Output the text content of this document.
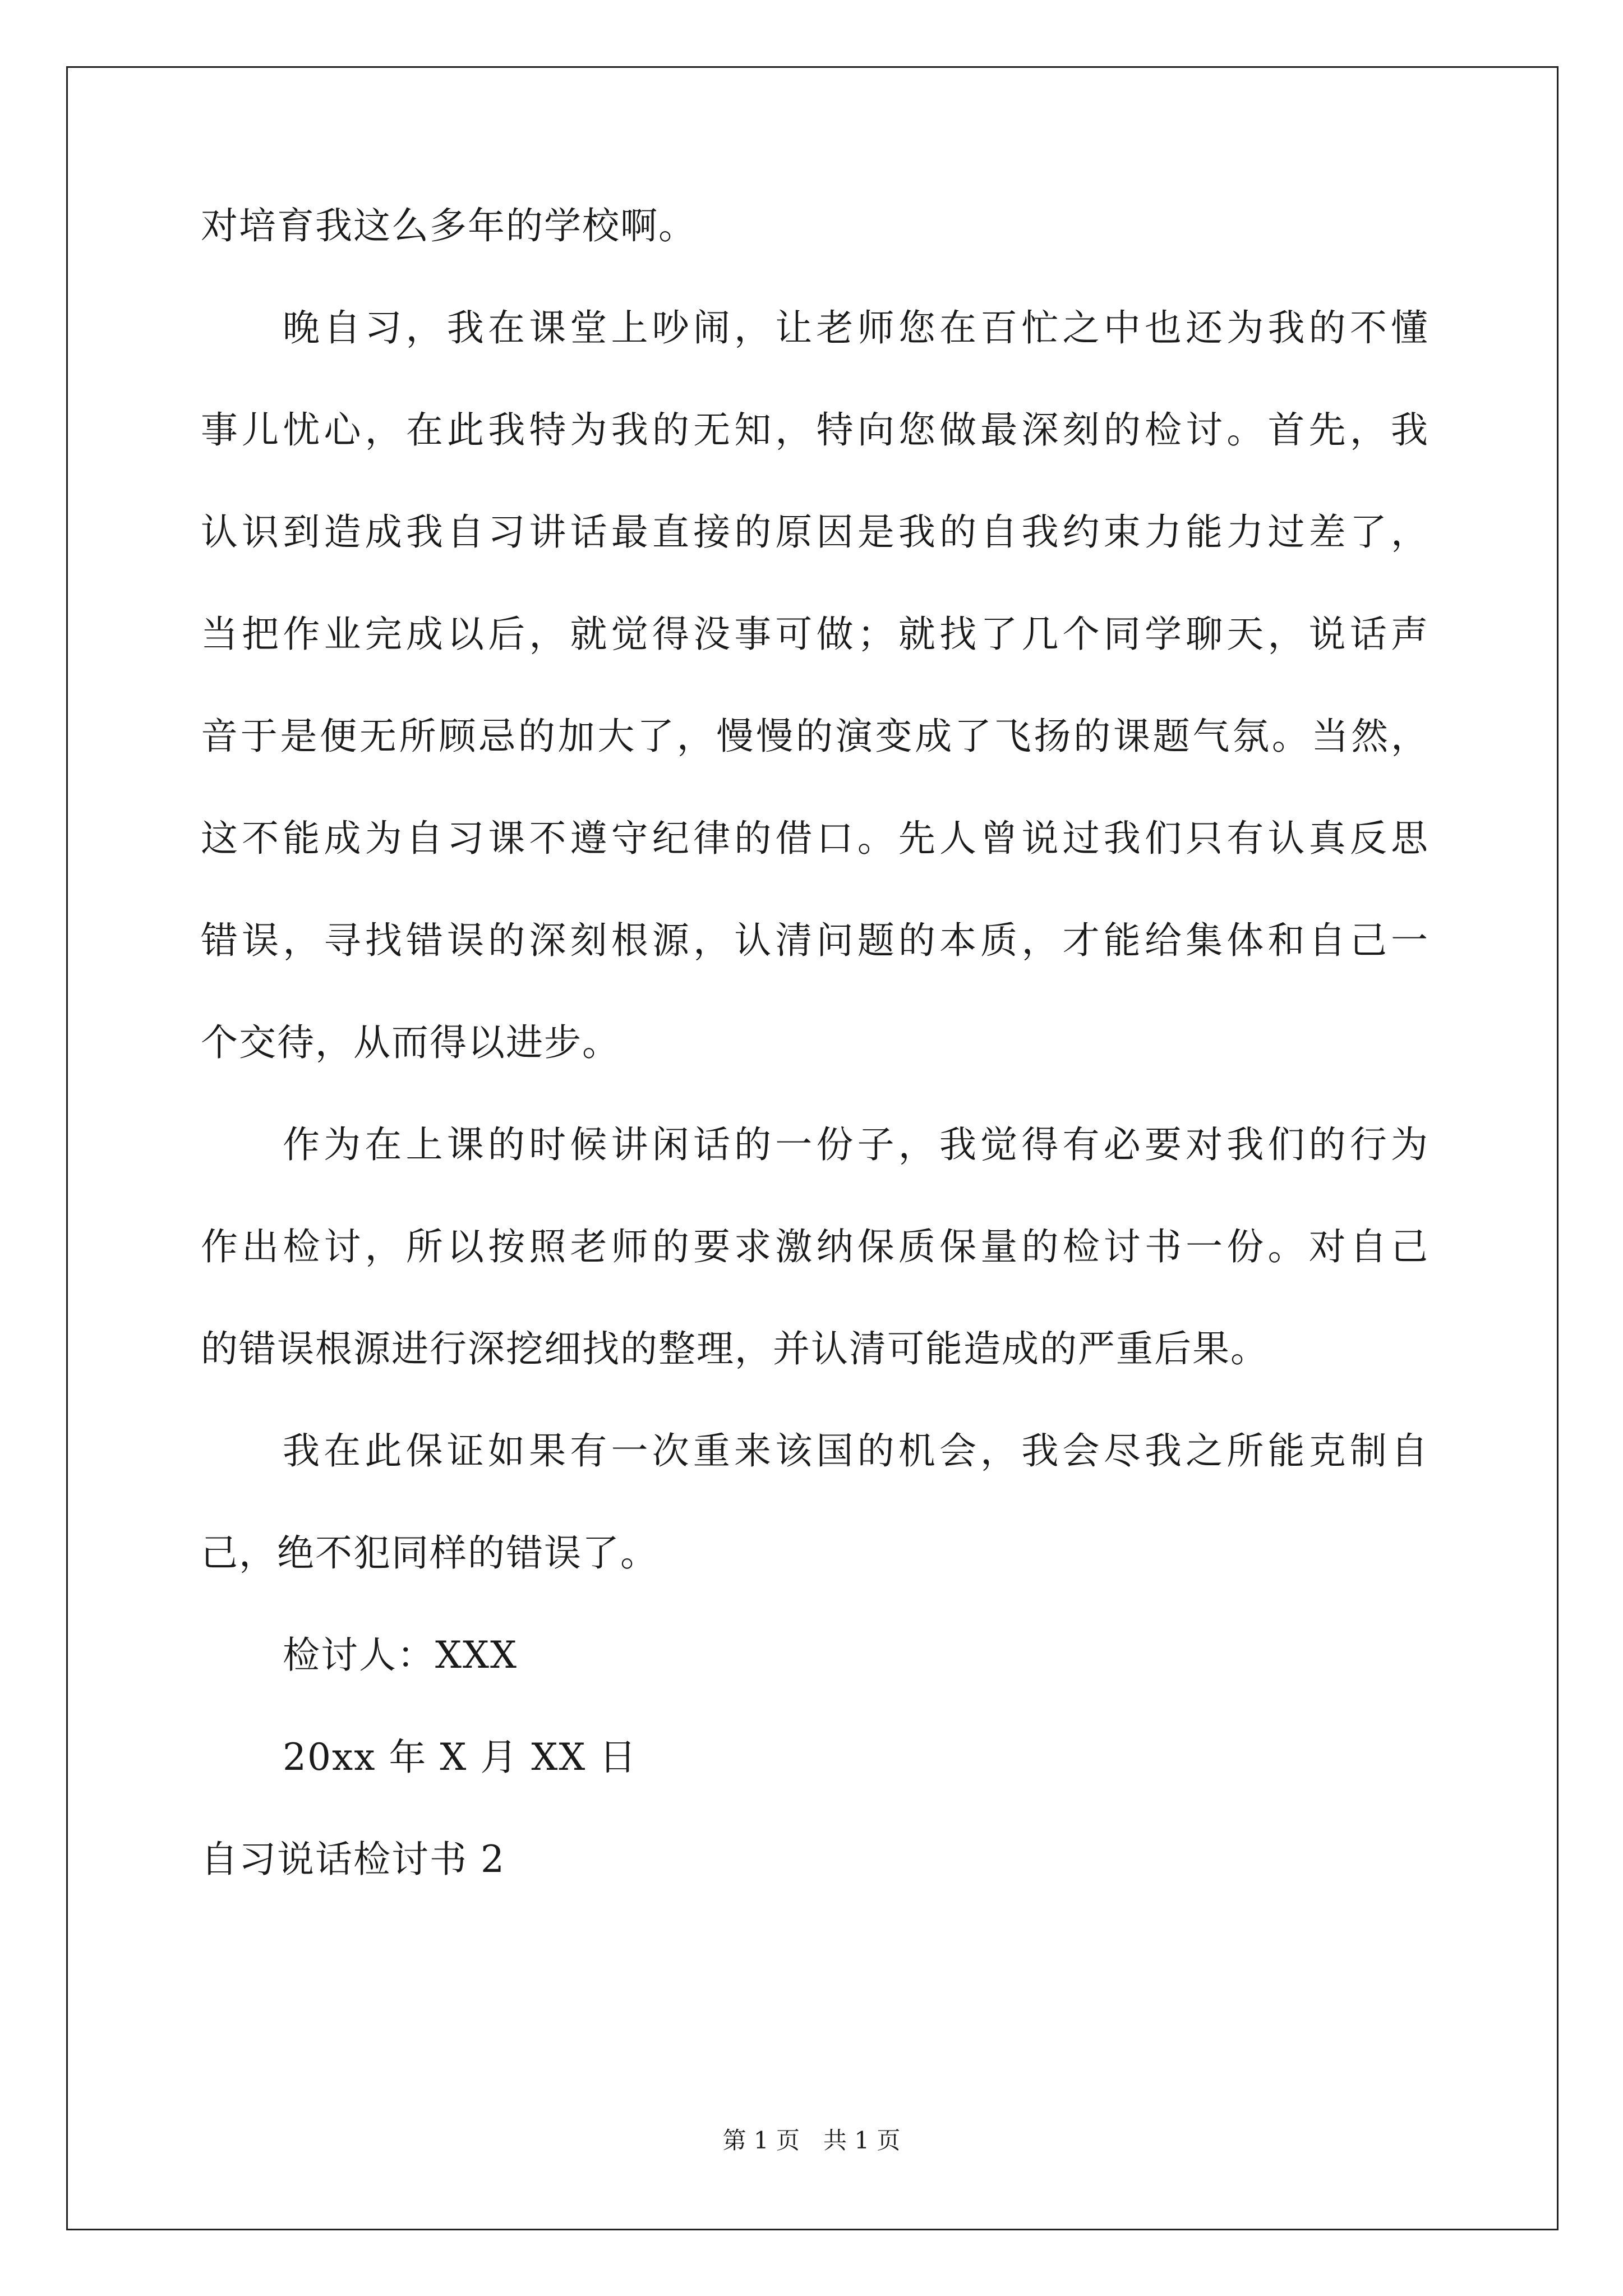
对培育我这么多年的学校啊。
晚自习，我在课堂上吵闹，让老师您在百忙之中也还为我的不懂
事儿忧心，在此我特为我的无知，特向您做最深刻的检讨。首先，我
认识到造成我自习讲话最直接的原因是我的自我约束力能力过差了，
当把作业完成以后，就觉得没事可做；就找了几个同学聊天，说话声
音于是便无所顾忌的加大了，慢慢的演变成了飞扬的课题气氛。当然，
这不能成为自习课不遵守纪律的借口。先人曾说过我们只有认真反思
错误，寻找错误的深刻根源，认清问题的本质，才能给集体和自己一
个交待，从而得以进步。
作为在上课的时候讲闲话的一份子，我觉得有必要对我们的行为
作出检讨，所以按照老师的要求激纳保质保量的检讨书一份。对自己
的错误根源进行深挖细找的整理，并认清可能造成的严重后果。
我在此保证如果有一次重来该国的机会，我会尽我之所能克制自
己，绝不犯同样的错误了。
检讨人：XXX
20xx 年 X 月 XX 日
自习说话检讨书 2
第 1 页　共 1 页
